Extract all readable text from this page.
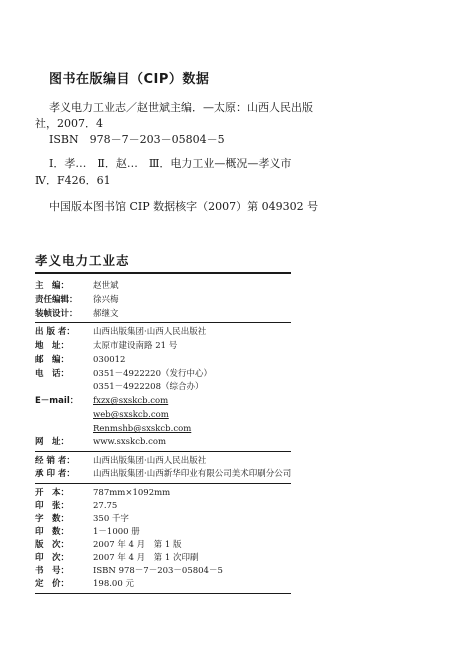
图书在版编目（CIP）数据
孝义电力工业志／赵世斌主编．—太原：山西人民出版
社，2007．4
ISBN　978－7－203－05804－5
Ⅰ．孝…　Ⅱ．赵…　Ⅲ．电力工业—概况—孝义市
Ⅳ．F426．61
中国版本图书馆 CIP 数据核字（2007）第 049302 号
孝义电力工业志
主　编：	赵世斌
责任编辑： 徐兴梅
装帧设计： 郝继文
出 版 者： 山西出版集团·山西人民出版社
地　址：	太原市建设南路 21 号
邮　编：	030012
电　话：	0351－4922220（发行中心）
0351－4922208（综合办）
E－mail： fxzx@sxskcb.com
web@sxskcb.com
Renmshb@sxskcb.com
网　址：	www.sxskcb.com
经 销 者： 山西出版集团·山西人民出版社
承 印 者： 山西出版集团·山西新华印业有限公司美术印刷分公司
开　本：	787mm×1092mm
印　张：	27.75
字　数：	350 千字
印　数：	1－1000 册
版　次：	2007 年 4 月　第 1 版
印　次：	2007 年 4 月　第 1 次印刷
书　号：	ISBN 978－7－203－05804－5
定　价：	198.00 元
